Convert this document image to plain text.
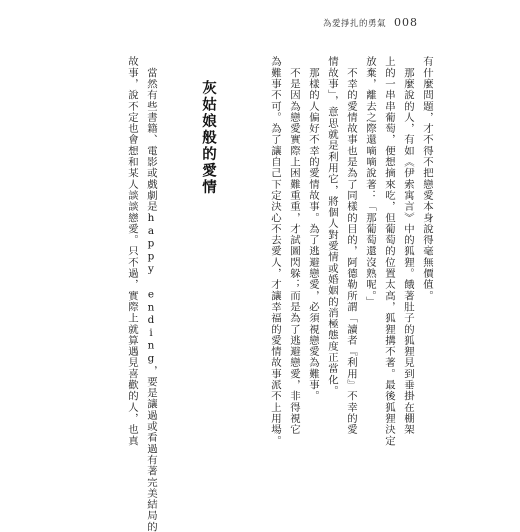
為愛掙扎的勇氣 008
有什麼問題，才不得不把戀愛本身說得毫無價值。
　那麼說的人，有如《伊索寓言》中的狐狸。餓著肚子的狐狸見到垂掛在棚架
上的一串串葡萄，便想摘來吃，但葡萄的位置太高，狐狸搆不著。最後狐狸決定
放棄，離去之際還嘀嘀說著：「那葡萄還沒熟呢。」
　不幸的愛情故事也是為了同樣的目的，阿德勒所謂「讀者『利用』不幸的愛
情故事」，意思就是利用它，將個人對愛情或婚姻的消極態度正當化。
　那樣的人偏好不幸的愛情故事。為了逃避戀愛，必須視戀愛為難事。
　不是因為戀愛實際上困難重重，才試圖閃躲；而是為了逃避戀愛，非得視它
為難事不可。為了讓自己下定決心不去愛人，才讓幸福的愛情故事派不上用場。
灰姑娘般的愛情
　當然有些書籍、電影或戲劇是happy ending，要是讓過或看過有著完美結局的
故事，說不定也會想和某人談談戀愛。只不過，實際上就算遇見喜歡的人，也真
